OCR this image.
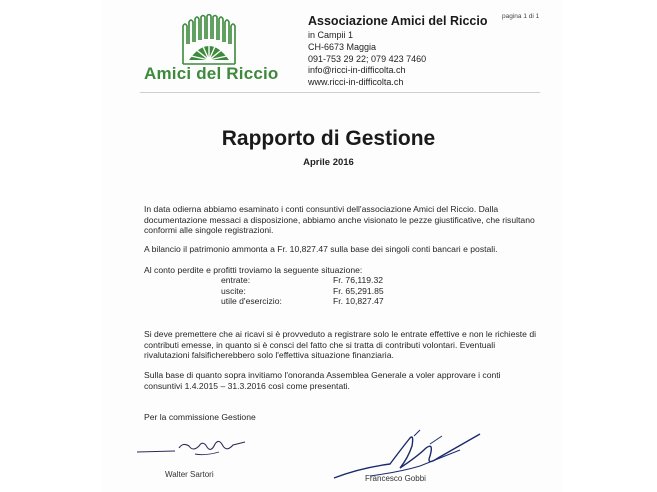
Amici del Riccio
Associazione Amici del Riccio
in Campii 1
CH-6673 Maggia
091-753 29 22; 079 423 7460
info@ricci-in-difficolta.ch
www.ricci-in-difficolta.ch
pagina 1 di 1
Rapporto di Gestione
Aprile 2016
In data odierna abbiamo esaminato i conti consuntivi dell'associazione Amici del Riccio. Dalla documentazione messaci a disposizione, abbiamo anche visionato le pezze giustificative, che risultano conformi alle singole registrazioni.
A bilancio il patrimonio ammonta a Fr. 10,827.47 sulla base dei singoli conti bancari e postali.
Al conto perdite e profitti troviamo la seguente situazione:
entrate:	Fr. 76,119.32
uscite:	Fr. 65,291.85
utile d'esercizio:	Fr. 10,827.47
Si deve premettere che ai ricavi si è provveduto a registrare solo le entrate effettive e non le richieste di contributi emesse, in quanto si è consci del fatto che si tratta di contributi volontari. Eventuali rivalutazioni falsificherebbero solo l'effettiva situazione finanziaria.
Sulla base di quanto sopra invitiamo l'onoranda Assemblea Generale a voler approvare i conti consuntivi 1.4.2015 – 31.3.2016 così come presentati.
Per la commissione Gestione
Walter Sartori	Francesco Gobbi
